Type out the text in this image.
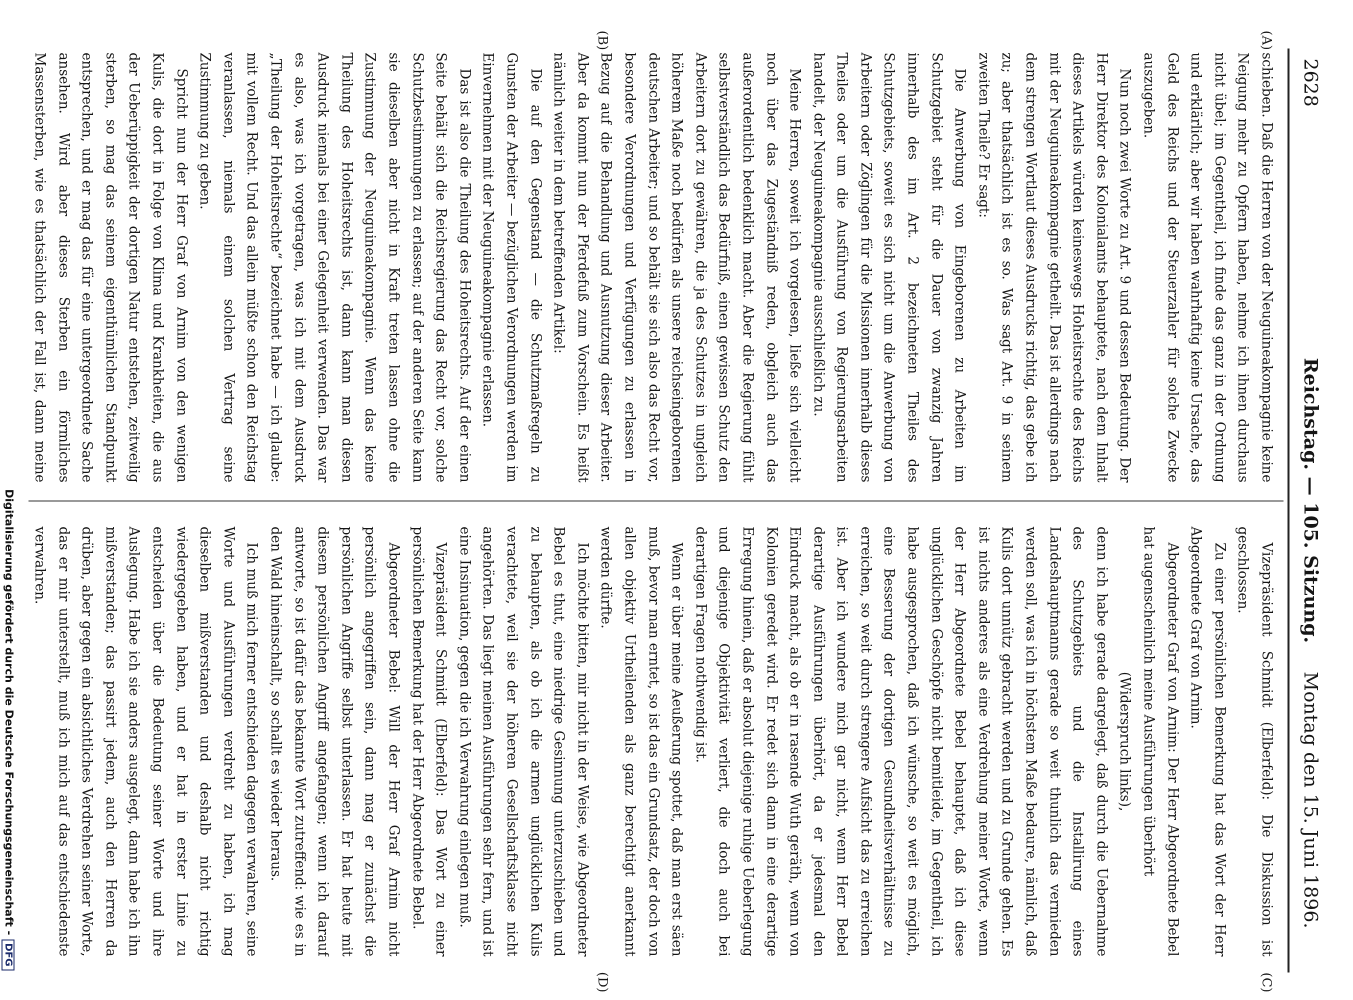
2628
Reichstag. — 105. Sitzung.
Montag den 15. Juni 1896.
(A)
(B)
(C)
(D)

schieben. Daß die Herren von der Neuguineakompagnie keine Neigung mehr zu Opfern haben, nehme ich ihnen durchaus nicht übel; im Gegentheil, ich finde das ganz in der Ordnung und erklärlich; aber wir haben wahrhaftig keine Ursache, das Geld des Reichs und der Steuerzahler für solche Zwecke auszugeben.

Nun noch zwei Worte zu Art. 9 und dessen Bedeutung. Der Herr Direktor des Kolonialamts behauptete, nach dem Inhalt dieses Artikels würden keineswegs Hoheitsrechte des Reichs mit der Neuguineakompagnie getheilt. Das ist allerdings nach dem strengen Wortlaut dieses Ausdrucks richtig, das gebe ich zu; aber thatsächlich ist es so. Was sagt Art. 9 in seinem zweiten Theile? Er sagt:

Die Anwerbung von Eingeborenen zu Arbeiten im Schutzgebiet steht für die Dauer von zwanzig Jahren innerhalb des im Art. 2 bezeichneten Theiles des Schutzgebiets, soweit es sich nicht um die Anwerbung von Arbeitern oder Zöglingen für die Missionen innerhalb dieses Theiles oder um die Ausführung von Regierungsarbeiten handelt, der Neuguineakompagnie ausschließlich zu.

Meine Herren, soweit ich vorgelesen, ließe sich vielleicht noch über das Zugeständniß reden, obgleich auch das außerordentlich bedenklich macht. Aber die Regierung fühlt selbstverständlich das Bedürfniß, einen gewissen Schutz den Arbeitern dort zu gewähren, die ja des Schutzes in ungleich höherem Maße noch bedürfen als unsere reichseingeborenen deutschen Arbeiter; und so behält sie sich also das Recht vor, besondere Verordnungen und Verfügungen zu erlassen in Bezug auf die Behandlung und Ausnutzung dieser Arbeiter. Aber da kommt nun der Pferdefuß zum Vorschein. Es heißt nämlich weiter in dem betreffenden Artikel:

Die auf den Gegenstand — die Schutzmaßregeln zu Gunsten der Arbeiter — bezüglichen Verordnungen werden im Einvernehmen mit der Neuguineakompagnie erlassen.

Das ist also die Theilung des Hoheitsrechts. Auf der einen Seite behält sich die Reichsregierung das Recht vor, solche Schutzbestimmungen zu erlassen; auf der anderen Seite kann sie dieselben aber nicht in Kraft treten lassen ohne die Zustimmung der Neuguineakompagnie. Wenn das keine Theilung des Hoheitsrechts ist, dann kann man diesen Ausdruck niemals bei einer Gelegenheit verwenden. Das war es also, was ich vorgetragen, was ich mit dem Ausdruck „Theilung der Hoheitsrechte“ bezeichnet habe — ich glaube: mit vollem Recht. Und das allein müßte schon den Reichstag veranlassen, niemals einem solchen Vertrag seine Zustimmung zu geben.

Spricht nun der Herr Graf von Arnim von den wenigen Kulis, die dort in Folge von Klima und Krankheiten, die aus der Ueberüppigkeit der dortigen Natur entstehen, zeitweilig sterben, so mag das seinem eigenthümlichen Standpunkt entsprechen, und er mag das für eine untergeordnete Sache ansehen. Wird aber dieses Sterben ein förmliches Massensterben, wie es thatsächlich der Fall ist, dann meine

Vizepräsident Schmidt (Elberfeld): Die Diskussion ist geschlossen.

Zu einer persönlichen Bemerkung hat das Wort der Herr Abgeordnete Graf von Arnim.

Abgeordneter Graf von Arnim: Der Herr Abgeordnete Bebel hat augenscheinlich meine Ausführungen überhört

(Widerspruch links),

denn ich habe gerade dargelegt, daß durch die Uebernahme des Schutzgebiets und die Installirung eines Landeshauptmanns gerade so weit thunlich das vermieden werden soll, was ich in höchstem Maße bedaure, nämlich, daß Kulis dort unnütz gebracht werden und zu Grunde gehen. Es ist nichts anderes als eine Verdrehung meiner Worte, wenn der Herr Abgeordnete Bebel behauptet, daß ich diese unglücklichen Geschöpfe nicht bemitleide, im Gegentheil, ich habe ausgesprochen, daß ich wünsche, so weit es möglich, eine Besserung der dortigen Gesundheitsverhältnisse zu erreichen, so weit durch strengere Aufsicht das zu erreichen ist. Aber ich wundere mich gar nicht, wenn Herr Bebel derartige Ausführungen überhört, da er jedesmal den Eindruck macht, als ob er in rasende Wuth geräth, wenn von Kolonien geredet wird. Er redet sich dann in eine derartige Erregung hinein, daß er absolut diejenige ruhige Ueberlegung und diejenige Objektivität verliert, die doch auch bei derartigen Fragen nothwendig ist.

Wenn er über meine Aeußerung spottet, daß man erst säen muß, bevor man erntet, so ist das ein Grundsatz, der doch von allen objektiv Urtheilenden als ganz berechtigt anerkannt werden dürfte.

Ich möchte bitten, mir nicht in der Weise, wie Abgeordneter Bebel es thut, eine niedrige Gesinnung unterzuschieben und zu behaupten, als ob ich die armen unglücklichen Kulis verachtete, weil sie der höheren Gesellschaftsklasse nicht angehörten. Das liegt meinen Ausführungen sehr fern, und ist eine Insinuation, gegen die ich Verwahrung einlegen muß.

Vizepräsident Schmidt (Elberfeld): Das Wort zu einer persönlichen Bemerkung hat der Herr Abgeordnete Bebel.

Abgeordneter Bebel: Will der Herr Graf Arnim nicht persönlich angegriffen sein, dann mag er zunächst die persönlichen Angriffe selbst unterlassen. Er hat heute mit diesem persönlichen Angriff angefangen; wenn ich darauf antworte, so ist dafür das bekannte Wort zutreffend: wie es in den Wald hineinschallt, so schallt es wieder heraus.

Ich muß mich ferner entschieden dagegen verwahren, seine Worte und Ausführungen verdreht zu haben, ich mag dieselben mißverstanden und deshalb nicht richtig wiedergegeben haben, und er hat in erster Linie zu entscheiden über die Bedeutung seiner Worte und ihre Auslegung. Habe ich sie anders ausgelegt, dann habe ich ihn mißverstanden; das passirt jedem, auch den Herren da drüben, aber gegen ein absichtliches Verdrehen seiner Worte, das er mir unterstellt, muß ich mich auf das entschiedenste verwahren.

Digitalisierung gefördert durch die Deutsche Forschungsgemeinschaft -DFG
